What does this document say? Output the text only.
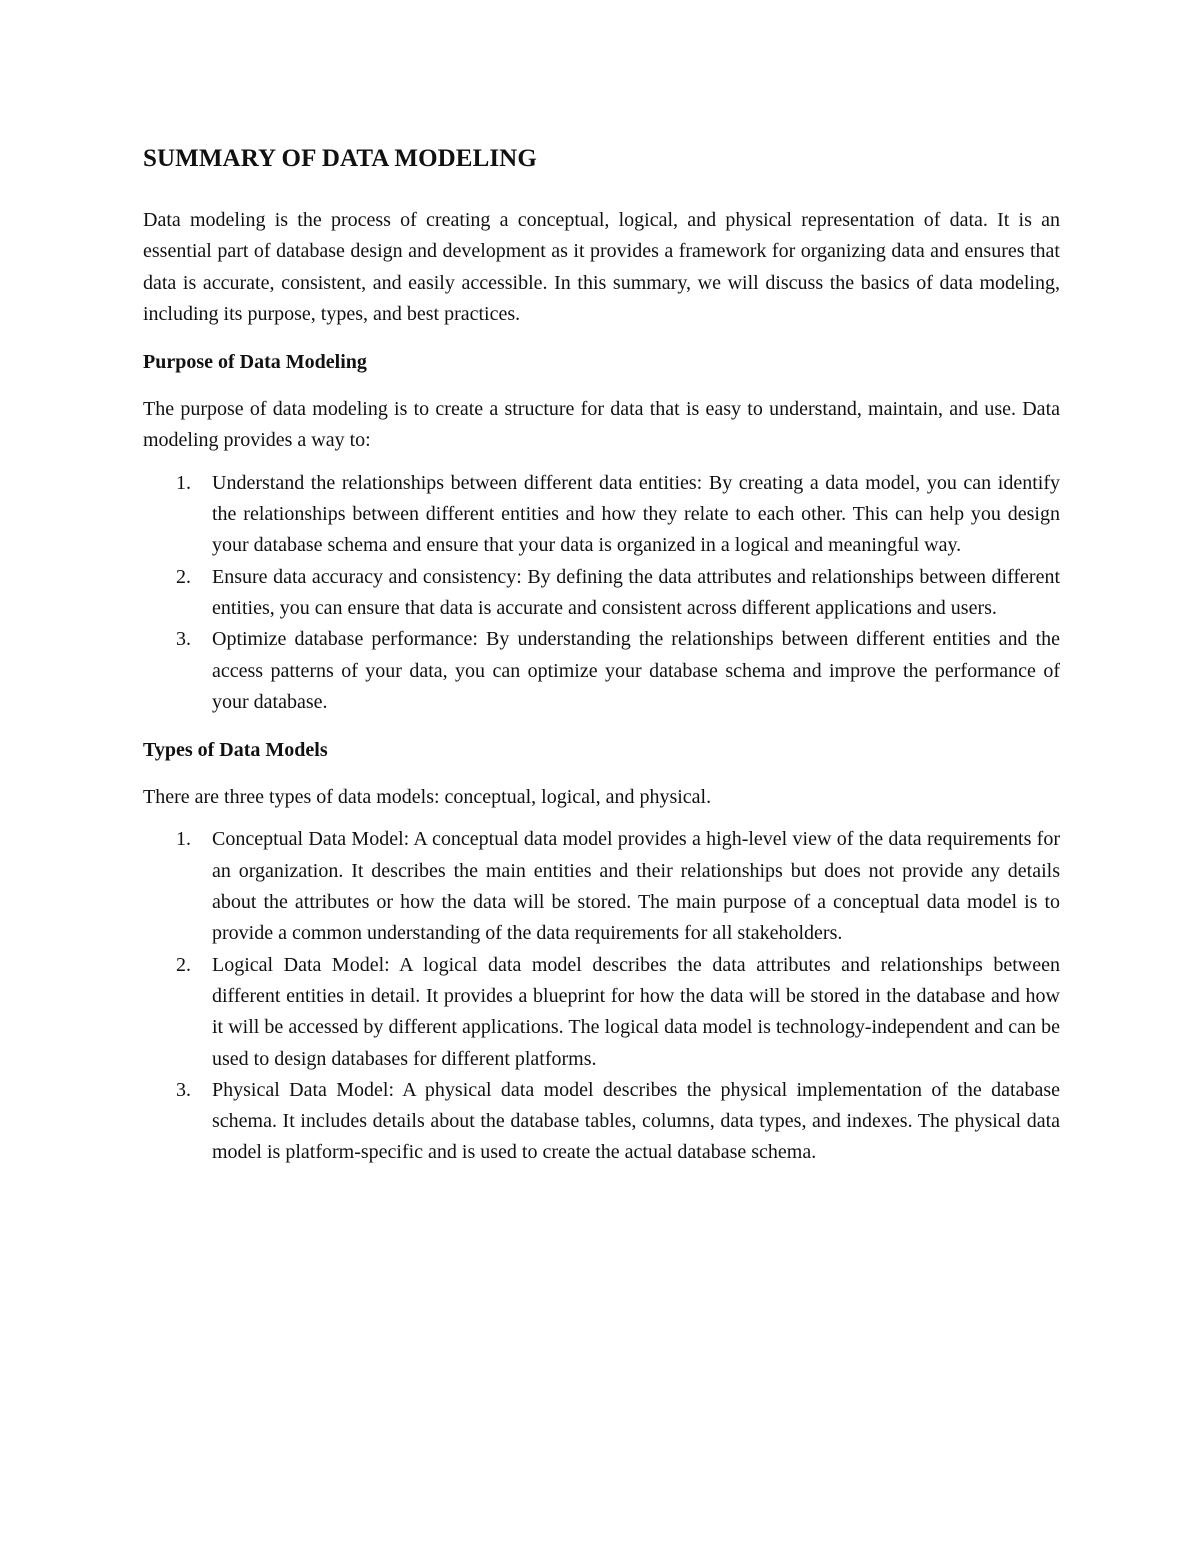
SUMMARY OF DATA MODELING

Data modeling is the process of creating a conceptual, logical, and physical representation of data. It is an essential part of database design and development as it provides a framework for organizing data and ensures that data is accurate, consistent, and easily accessible. In this summary, we will discuss the basics of data modeling, including its purpose, types, and best practices.

Purpose of Data Modeling

The purpose of data modeling is to create a structure for data that is easy to understand, maintain, and use. Data modeling provides a way to:

1. Understand the relationships between different data entities: By creating a data model, you can identify the relationships between different entities and how they relate to each other. This can help you design your database schema and ensure that your data is organized in a logical and meaningful way.
2. Ensure data accuracy and consistency: By defining the data attributes and relationships between different entities, you can ensure that data is accurate and consistent across different applications and users.
3. Optimize database performance: By understanding the relationships between different entities and the access patterns of your data, you can optimize your database schema and improve the performance of your database.
Types of Data Models

There are three types of data models: conceptual, logical, and physical.

1. Conceptual Data Model: A conceptual data model provides a high-level view of the data requirements for an organization. It describes the main entities and their relationships but does not provide any details about the attributes or how the data will be stored. The main purpose of a conceptual data model is to provide a common understanding of the data requirements for all stakeholders.
2. Logical Data Model: A logical data model describes the data attributes and relationships between different entities in detail. It provides a blueprint for how the data will be stored in the database and how it will be accessed by different applications. The logical data model is technology-independent and can be used to design databases for different platforms.
3. Physical Data Model: A physical data model describes the physical implementation of the database schema. It includes details about the database tables, columns, data types, and indexes. The physical data model is platform-specific and is used to create the actual database schema.
